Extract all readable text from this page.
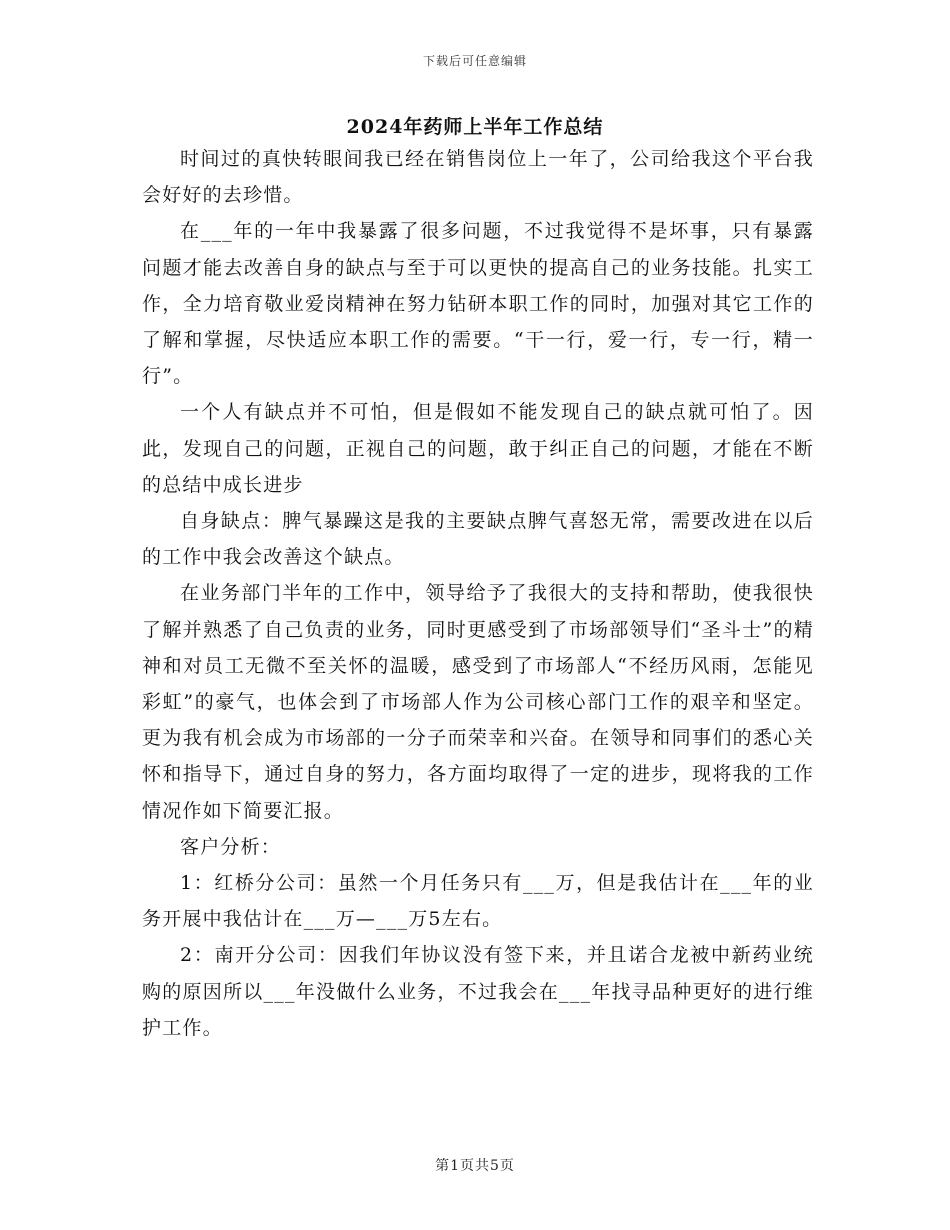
下载后可任意编辑
2024年药师上半年工作总结

时间过的真快转眼间我已经在销售岗位上一年了，公司给我这个平台我会好好的去珍惜。

在___年的一年中我暴露了很多问题，不过我觉得不是坏事，只有暴露问题才能去改善自身的缺点与至于可以更快的提高自己的业务技能。扎实工作，全力培育敬业爱岗精神在努力钻研本职工作的同时，加强对其它工作的了解和掌握，尽快适应本职工作的需要。“干一行，爱一行，专一行，精一行”。

一个人有缺点并不可怕，但是假如不能发现自己的缺点就可怕了。因此，发现自己的问题，正视自己的问题，敢于纠正自己的问题，才能在不断的总结中成长进步

自身缺点：脾气暴躁这是我的主要缺点脾气喜怒无常，需要改进在以后的工作中我会改善这个缺点。

在业务部门半年的工作中，领导给予了我很大的支持和帮助，使我很快了解并熟悉了自己负责的业务，同时更感受到了市场部领导们“圣斗士”的精神和对员工无微不至关怀的温暖，感受到了市场部人“不经历风雨，怎能见彩虹”的豪气，也体会到了市场部人作为公司核心部门工作的艰辛和坚定。更为我有机会成为市场部的一分子而荣幸和兴奋。在领导和同事们的悉心关怀和指导下，通过自身的努力，各方面均取得了一定的进步，现将我的工作情况作如下简要汇报。

客户分析：

1：红桥分公司：虽然一个月任务只有___万，但是我估计在___年的业务开展中我估计在___万—___万5左右。

2：南开分公司：因我们年协议没有签下来，并且诺合龙被中新药业统购的原因所以___年没做什么业务，不过我会在___年找寻品种更好的进行维护工作。

第1页共5页
